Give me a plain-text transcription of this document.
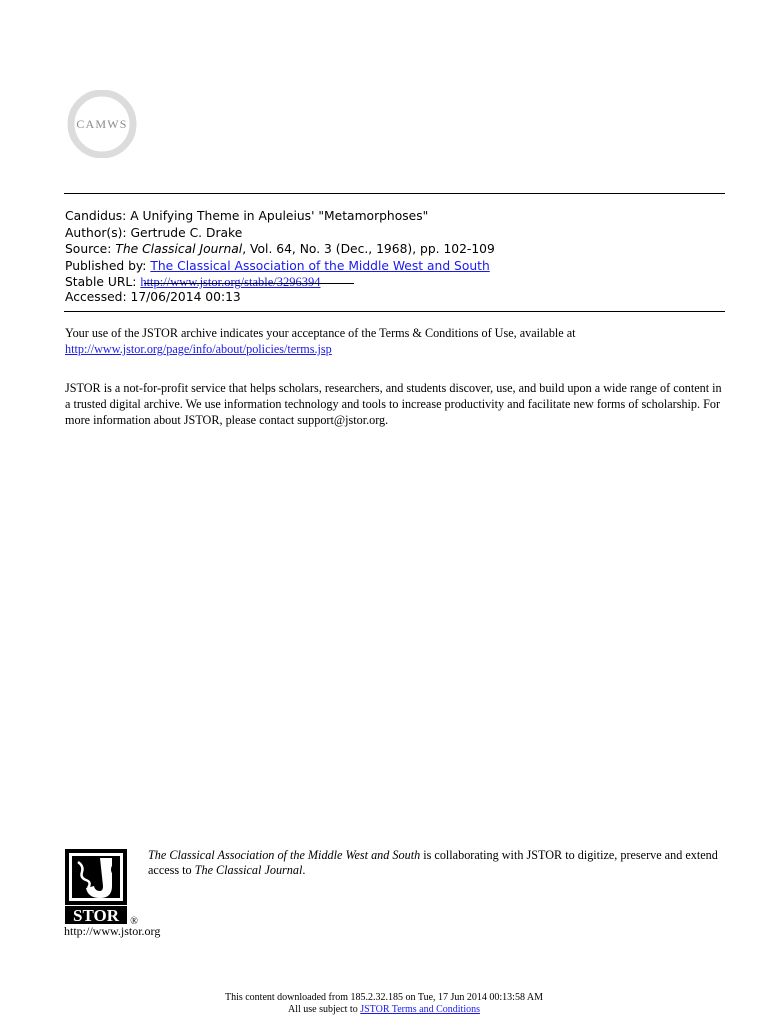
CAMWS
Candidus: A Unifying Theme in Apuleius' "Metamorphoses"
Author(s): Gertrude C. Drake
Source: The Classical Journal, Vol. 64, No. 3 (Dec., 1968), pp. 102-109
Published by: The Classical Association of the Middle West and South
Stable URL: http://www.jstor.org/stable/3296394
Accessed: 17/06/2014 00:13
Your use of the JSTOR archive indicates your acceptance of the Terms & Conditions of Use, available at
http://www.jstor.org/page/info/about/policies/terms.jsp
JSTOR is a not-for-profit service that helps scholars, researchers, and students discover, use, and build upon a wide range of content in a trusted digital archive. We use information technology and tools to increase productivity and facilitate new forms of scholarship. For more information about JSTOR, please contact support@jstor.org.
STOR ®
The Classical Association of the Middle West and South is collaborating with JSTOR to digitize, preserve and extend access to The Classical Journal.
http://www.jstor.org
This content downloaded from 185.2.32.185 on Tue, 17 Jun 2014 00:13:58 AM
All use subject to JSTOR Terms and Conditions
